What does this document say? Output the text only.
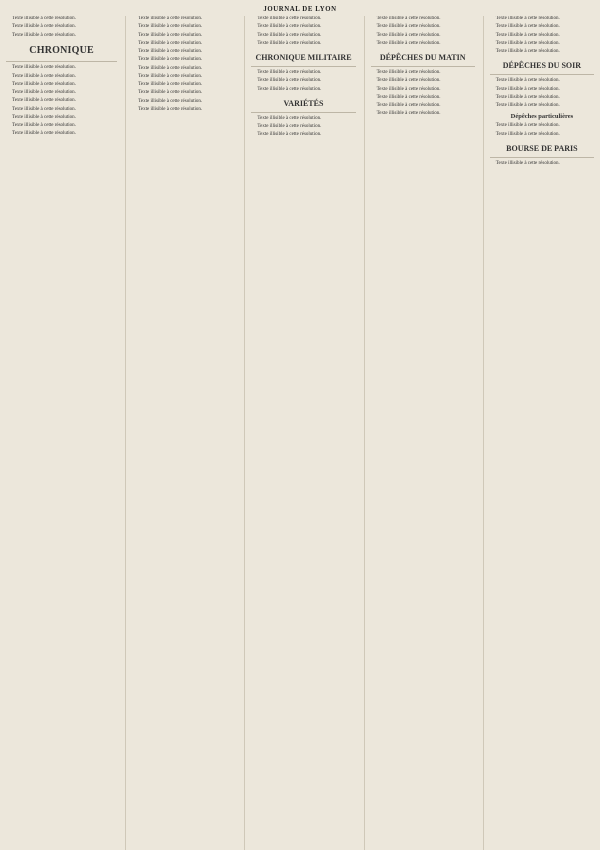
JOURNAL DE LYON

Texte illisible à cette résolution.

Texte illisible à cette résolution.

Texte illisible à cette résolution.

CHRONIQUE

Texte illisible à cette résolution.

Texte illisible à cette résolution.

Texte illisible à cette résolution.

Texte illisible à cette résolution.

Texte illisible à cette résolution.

Texte illisible à cette résolution.

Texte illisible à cette résolution.

Texte illisible à cette résolution.

Texte illisible à cette résolution.

Texte illisible à cette résolution.

Texte illisible à cette résolution.

Texte illisible à cette résolution.

Texte illisible à cette résolution.

Texte illisible à cette résolution.

Texte illisible à cette résolution.

Texte illisible à cette résolution.

Texte illisible à cette résolution.

Texte illisible à cette résolution.

Texte illisible à cette résolution.

Texte illisible à cette résolution.

Texte illisible à cette résolution.

Texte illisible à cette résolution.

Texte illisible à cette résolution.

Texte illisible à cette résolution.

Texte illisible à cette résolution.

CHRONIQUE MILITAIRE

Texte illisible à cette résolution.

Texte illisible à cette résolution.

Texte illisible à cette résolution.

VARIÉTÉS

Texte illisible à cette résolution.

Texte illisible à cette résolution.

Texte illisible à cette résolution.

Texte illisible à cette résolution.

Texte illisible à cette résolution.

Texte illisible à cette résolution.

Texte illisible à cette résolution.

DÉPÊCHES DU MATIN

Texte illisible à cette résolution.

Texte illisible à cette résolution.

Texte illisible à cette résolution.

Texte illisible à cette résolution.

Texte illisible à cette résolution.

Texte illisible à cette résolution.

Texte illisible à cette résolution.

Texte illisible à cette résolution.

Texte illisible à cette résolution.

Texte illisible à cette résolution.

Texte illisible à cette résolution.

DÉPÊCHES DU SOIR

Texte illisible à cette résolution.

Texte illisible à cette résolution.

Texte illisible à cette résolution.

Texte illisible à cette résolution.

Dépêches particulières

Texte illisible à cette résolution.

Texte illisible à cette résolution.

BOURSE DE PARIS

Texte illisible à cette résolution.
